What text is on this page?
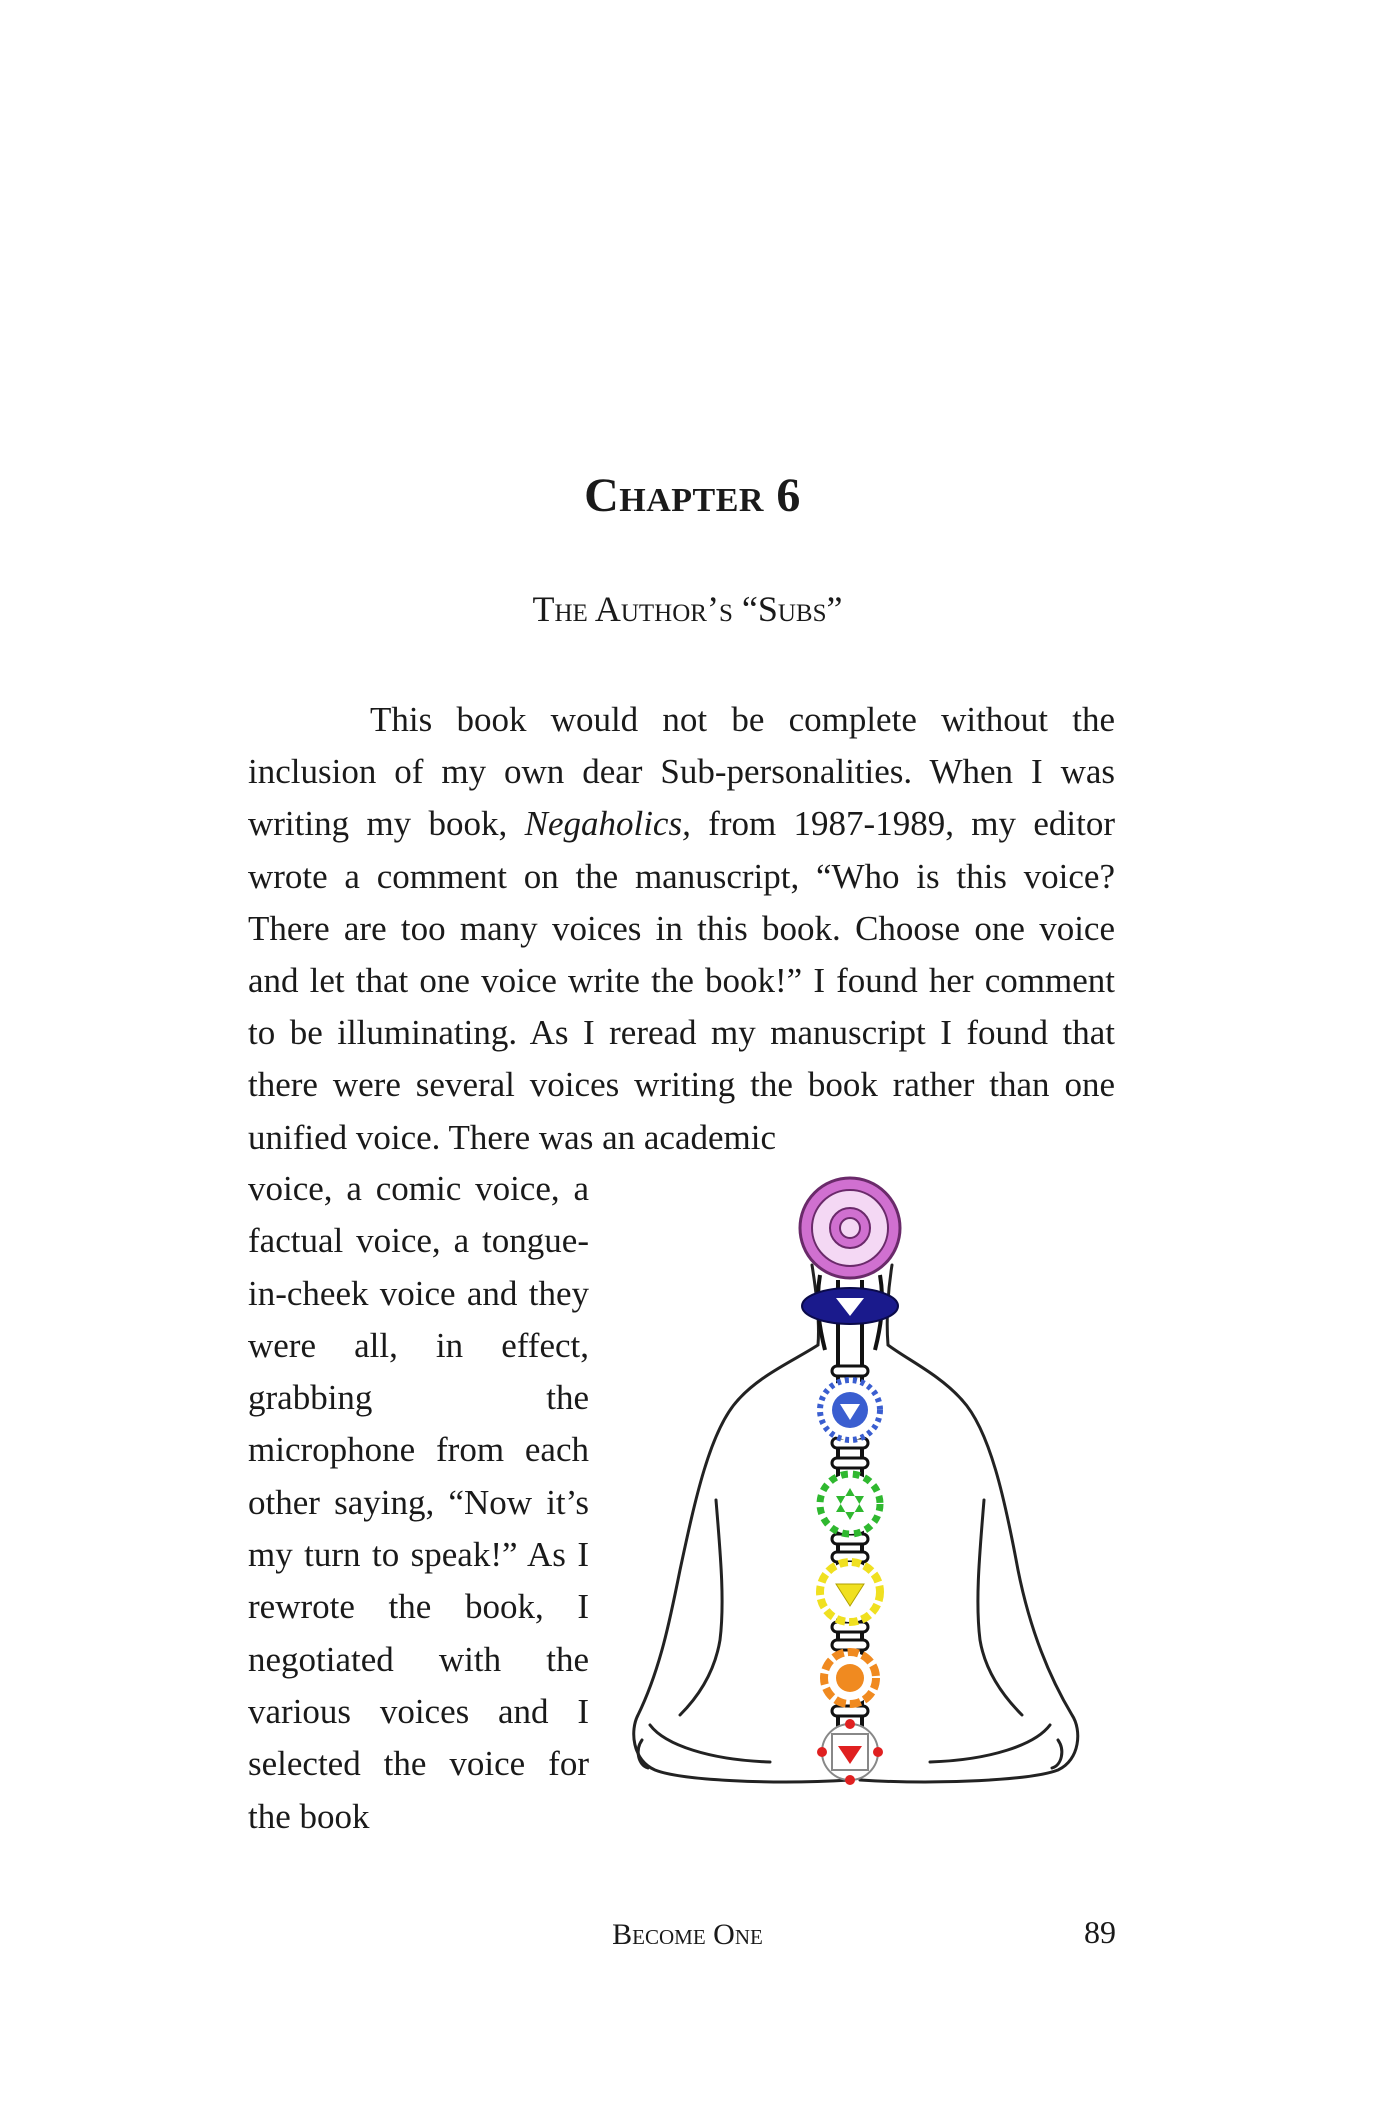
Chapter 6
The Author’s “Subs”

This book would not be complete without the inclusion of my own dear Sub-personalities. When I was writing my book, Negaholics, from 1987-1989, my editor wrote a comment on the manuscript, “Who is this voice? There are too many voices in this book. Choose one voice and let that one voice write the book!” I found her comment to be illuminating. As I reread my manuscript I found that there were several voices writing the book rather than one unified voice. There was an academic

voice, a comic voice, a factual voice, a tongue-in-cheek voice and they were all, in effect, grabbing the microphone from each other saying, “Now it’s my turn to speak!” As I rewrote the book, I negotiated with the various voices and I selected the voice for the book

Become One	89
